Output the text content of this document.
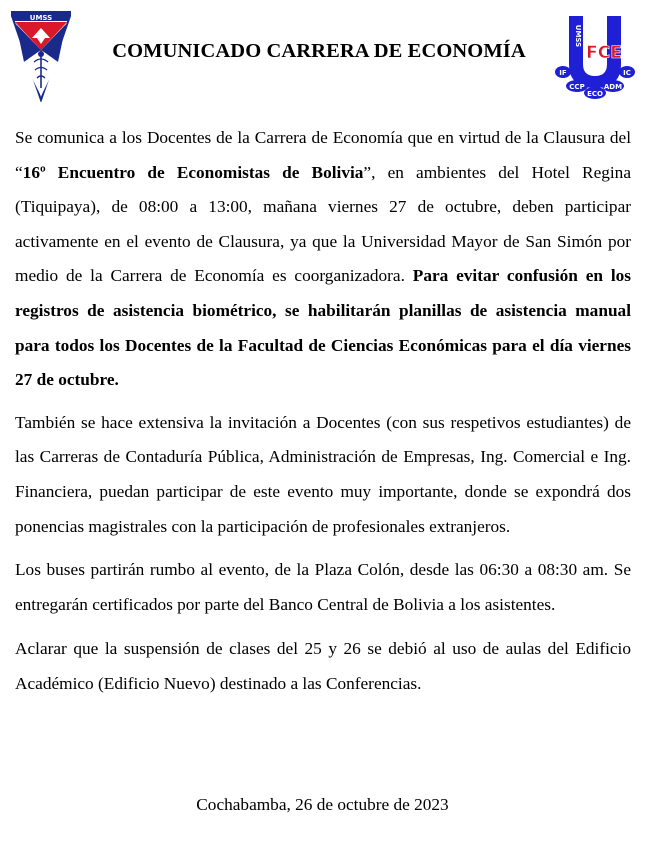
UMSS
COMUNICADO CARRERA DE ECONOMÍA
UMSS
FCE
IF	IC
CCP	ADM
ECO

Se comunica a los Docentes de la Carrera de Economía que en virtud de la Clausura del “16º Encuentro de Economistas de Bolivia”, en ambientes del Hotel Regina (Tiquipaya), de 08:00 a 13:00, mañana viernes 27 de octubre, deben participar activamente en el evento de Clausura, ya que la Universidad Mayor de San Simón por medio de la Carrera de Economía es coorganizadora. Para evitar confusión en los registros de asistencia biométrico, se habilitarán planillas de asistencia manual para todos los Docentes de la Facultad de Ciencias Económicas para el día viernes 27 de octubre.

También se hace extensiva la invitación a Docentes (con sus respetivos estudiantes) de las Carreras de Contaduría Pública, Administración de Empresas, Ing. Comercial e Ing. Financiera, puedan participar de este evento muy importante, donde se expondrá dos ponencias magistrales con la participación de profesionales extranjeros.

Los buses partirán rumbo al evento, de la Plaza Colón, desde las 06:30 a 08:30 am. Se entregarán certificados por parte del Banco Central de Bolivia a los asistentes.

Aclarar que la suspensión de clases del 25 y 26 se debió al uso de aulas del Edificio Académico (Edificio Nuevo) destinado a las Conferencias.

Cochabamba, 26 de octubre de 2023
